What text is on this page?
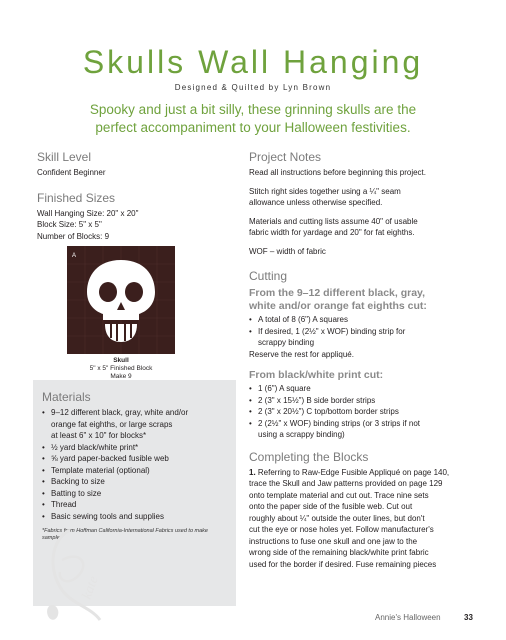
Skulls Wall Hanging
Designed & Quilted by Lyn Brown
Spooky and just a bit silly, these grinning skulls are the
perfect accompaniment to your Halloween festivities.
Skill Level

Confident Beginner

Finished Sizes

Wall Hanging Size: 20" x 20"

Block Size: 5" x 5"

Number of Blocks: 9

A
Skull
5" x 5" Finished Block
Make 9
Materials
• 9–12 different black, gray, white and/or
orange fat eighths, or large scraps
at least 6" x 10" for blocks*
• ½ yard black/white print*
• ⅝ yard paper-backed fusible web
• Template material (optional)
• Backing to size
• Batting to size
• Thread
• Basic sewing tools and supplies
*Fabrics from Hoffman California-International Fabrics used to make
sample.
kate
Project Notes

Read all instructions before beginning this project.

Stitch right sides together using a ¼" seam

allowance unless otherwise specified.

Materials and cutting lists assume 40" of usable

fabric width for yardage and 20" for fat eighths.

WOF – width of fabric

Cutting
From the 9–12 different black, gray,
white and/or orange fat eighths cut:
• A total of 8 (6") A squares
• If desired, 1 (2½" x WOF) binding strip for

scrappy binding

Reserve the rest for appliqué.

From black/white print cut:
• 1 (6") A square
• 2 (3" x 15½") B side border strips
• 2 (3" x 20½") C top/bottom border strips
• 2 (2½" x WOF) binding strips (or 3 strips if not

using a scrappy binding)

Completing the Blocks

1. Referring to Raw-Edge Fusible Appliqué on page 140,

trace the Skull and Jaw patterns provided on page 129

onto template material and cut out. Trace nine sets

onto the paper side of the fusible web. Cut out

roughly about ¼" outside the outer lines, but don't

cut the eye or nose holes yet. Follow manufacturer's

instructions to fuse one skull and one jaw to the

wrong side of the remaining black/white print fabric

used for the border if desired. Fuse remaining pieces

Annie's Halloween	33
